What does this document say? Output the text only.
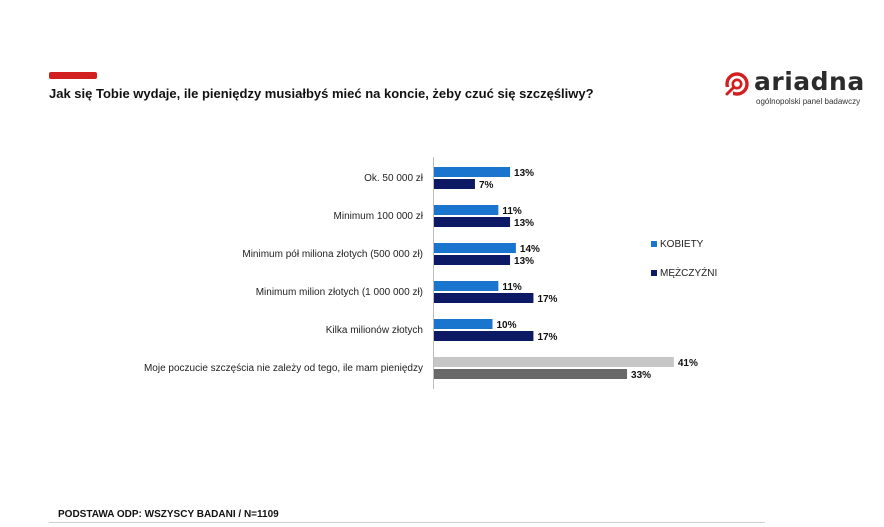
Jak się Tobie wydaje, ile pieniędzy musiałbyś mieć na koncie, żeby czuć się szczęśliwy?	ariadna
ogólnopolski panel badawczy
Ok. 50 000 zł	13%
7%
Minimum 100 000 zł	11%
13%
Minimum pół miliona złotych (500 000 zł)	14%
13%
Minimum milion złotych (1 000 000 zł)	11%
17%
Kilka milionów złotych	10%
17%
Moje poczucie szczęścia nie zależy od tego, ile mam pieniędzy	41%
33%
KOBIETY
MĘŻCZYŹNI
PODSTAWA ODP: WSZYSCY BADANI / N=1109
